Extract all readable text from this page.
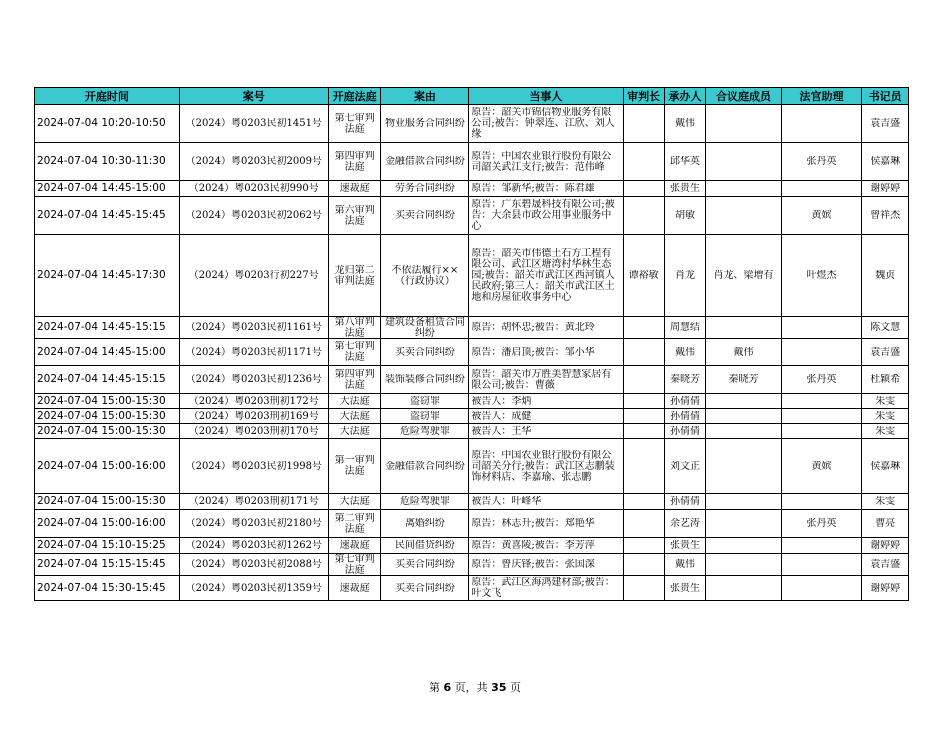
开庭时间	案号	开庭法庭	案由	当事人	审判长	承办人	合议庭成员	法官助理	书记员

2024-07-04 10:20-10:50	（2024）粤0203民初1451号	第七审判法庭	物业服务合同纠纷	原告：韶关市锦信物业服务有限公司;被告：钟翠连、江欣、刘人缘		戴伟			袁吉盛

2024-07-04 10:30-11:30	（2024）粤0203民初2009号	第四审判法庭	金融借款合同纠纷	原告：中国农业银行股份有限公司韶关武江支行;被告：范伟峰		邱华英		张丹英	侯嘉琳

2024-07-04 14:45-15:00	（2024）粤0203民初990号	速裁庭	劳务合同纠纷	原告：邹新华;被告：陈君雄		张贵生			谢婷婷

2024-07-04 14:45-15:45	（2024）粤0203民初2062号	第六审判法庭	买卖合同纠纷	原告：广东碧晟科技有限公司;被告：大余县市政公用事业服务中心		胡敏		黄嫔	曾祥杰

2024-07-04 14:45-17:30	（2024）粤0203行初227号	龙归第二审判法庭	不依法履行××（行政协议）	原告：韶关市伟德土石方工程有限公司、武江区塘湾村华林生态园;被告：韶关市武江区西河镇人民政府;第三人：韶关市武江区土地和房屋征收事务中心	谭裕敏	肖龙	肖龙、梁增有	叶煜杰	魏贞

2024-07-04 14:45-15:15	（2024）粤0203民初1161号	第八审判法庭	建筑设备租赁合同纠纷	原告：胡怀忠;被告：黄北玲		周慧结			陈文慧

2024-07-04 14:45-15:00	（2024）粤0203民初1171号	第七审判法庭	买卖合同纠纷	原告：潘启顶;被告：邹小华		戴伟	戴伟		袁吉盛

2024-07-04 14:45-15:15	（2024）粤0203民初1236号	第四审判法庭	装饰装修合同纠纷	原告：韶关市万胜美智慧家居有限公司;被告：曹薇		秦晓芳	秦晓芳	张丹英	杜颖希

2024-07-04 15:00-15:30	（2024）粤0203刑初172号	大法庭	盗窃罪	被告人：李炳		孙倩倩			朱雯

2024-07-04 15:00-15:30	（2024）粤0203刑初169号	大法庭	盗窃罪	被告人：成健		孙倩倩			朱雯

2024-07-04 15:00-15:30	（2024）粤0203刑初170号	大法庭	危险驾驶罪	被告人：王华		孙倩倩			朱雯

2024-07-04 15:00-16:00	（2024）粤0203民初1998号	第一审判法庭	金融借款合同纠纷	原告：中国农业银行股份有限公司韶关分行;被告：武江区志鹏装饰材料店、李嘉瑜、张志鹏		刘文正		黄嫔	侯嘉琳

2024-07-04 15:00-15:30	（2024）粤0203刑初171号	大法庭	危险驾驶罪	被告人：叶峰华		孙倩倩			朱雯

2024-07-04 15:00-16:00	（2024）粤0203民初2180号	第二审判法庭	离婚纠纷	原告：林志升;被告：郑艳华		余艺涛		张丹英	曹亮

2024-07-04 15:10-15:25	（2024）粤0203民初1262号	速裁庭	民间借贷纠纷	原告：黄喜陵;被告：李芳萍		张贵生			谢婷婷

2024-07-04 15:15-15:45	（2024）粤0203民初2088号	第七审判法庭	买卖合同纠纷	原告：曾庆锋;被告：张国深		戴伟			袁吉盛

2024-07-04 15:30-15:45	（2024）粤0203民初1359号	速裁庭	买卖合同纠纷	原告：武江区海鸿建材部;被告：叶文飞		张贵生			谢婷婷
第 6 页，共 35 页
